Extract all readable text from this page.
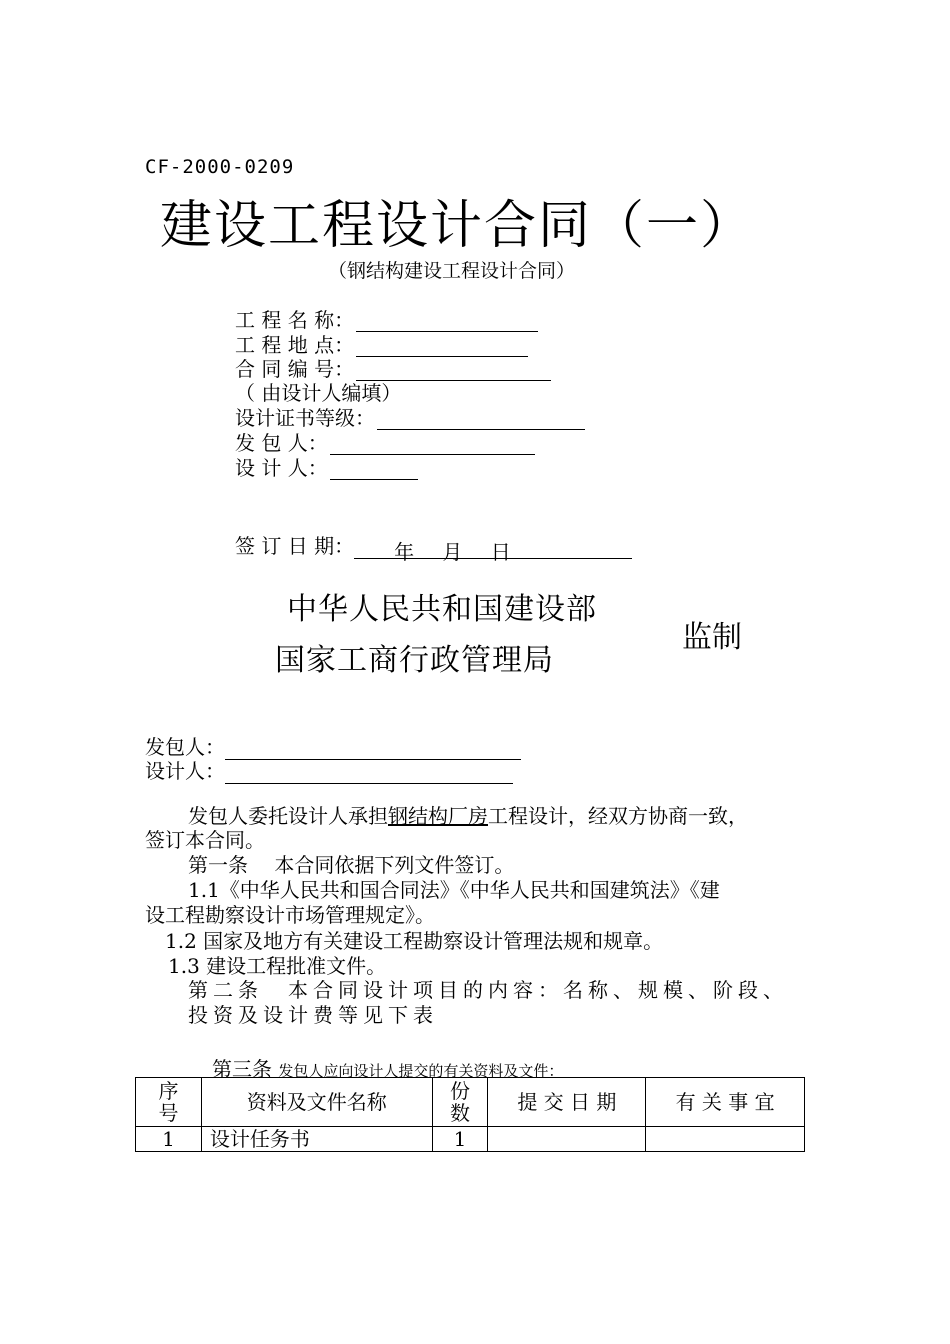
CF-2000-0209
建设工程设计合同（一）
（钢结构建设工程设计合同）
工 程 名 称：
工 程 地 点：
合 同 编 号：
（ 由设计人编填）
设计证书等级：
发 包 人：
设 计 人：
签 订 日 期： 年 月 日
中华人民共和国建设部
国家工商行政管理局
监制
发包人：
设计人：
发包人委托设计人承担钢结构厂房工程设计，经双方协商一致，
签订本合同。
第一条　 本合同依据下列文件签订。
1.1《中华人民共和国合同法》《中华人民共和国建筑法》《建
设工程勘察设计市场管理规定》。
1.2 国家及地方有关建设工程勘察设计管理法规和规章。
1.3 建设工程批准文件。
第二条　本合同设计项目的内容：名称、规模、阶段、
投资及设计费等见下表
第三条 发包人应向设计人提交的有关资料及文件：
序号	资料及文件名称	份数	提 交 日 期	有 关 事 宜
1	设计任务书	1		
